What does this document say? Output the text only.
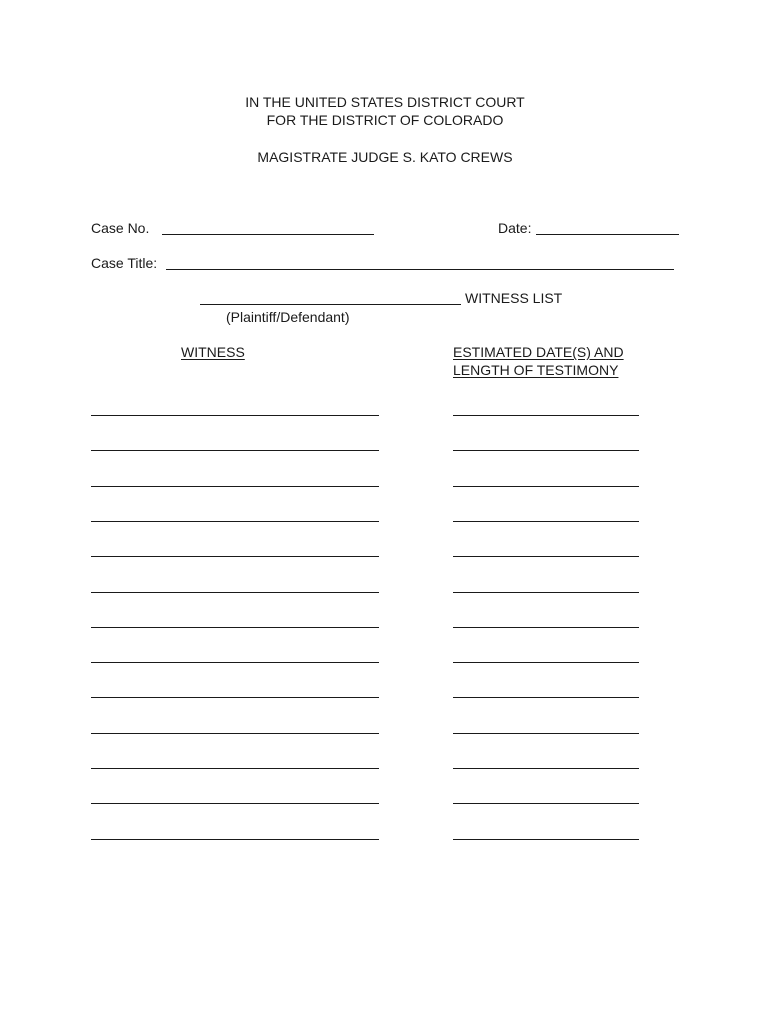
IN THE UNITED STATES DISTRICT COURT
FOR THE DISTRICT OF COLORADO
MAGISTRATE JUDGE S. KATO CREWS
Case No.	Date:
Case Title:
WITNESS LIST
(Plaintiff/Defendant)
WITNESS	ESTIMATED DATE(S) AND
LENGTH OF TESTIMONY
